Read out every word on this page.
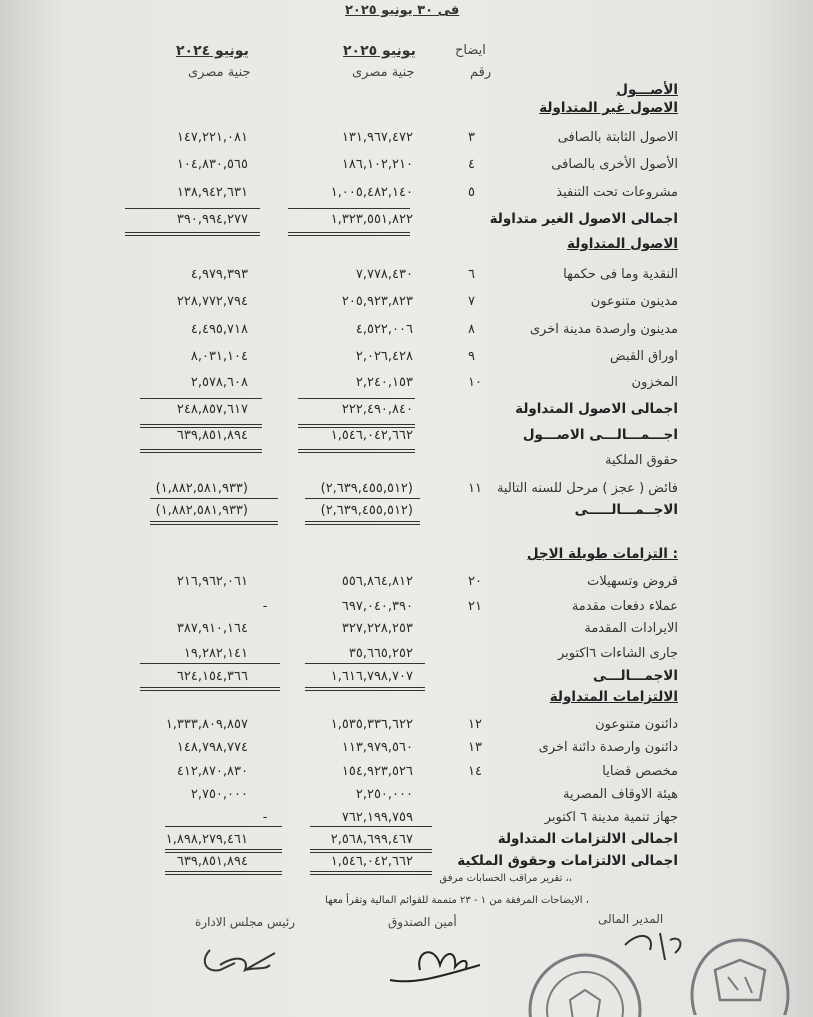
فى ٣٠ يونيو ٢٠٢٥
ايضاح
رقم
يونيو ٢٠٢٥
جنية مصرى
يونيو ٢٠٢٤
جنية مصرى
الأصـــول
الاصول غير المتداولة
الاصول الثابتة بالصافى
٣
١٣١,٩٦٧,٤٧٢
١٤٧,٢٢١,٠٨١
الأصول الأخرى بالصافى
٤
١٨٦,١٠٢,٢١٠
١٠٤,٨٣٠,٥٦٥
مشروعات تحت التنفيذ
٥
١,٠٠٥,٤٨٢,١٤٠
١٣٨,٩٤٢,٦٣١
اجمالى الاصول الغير متداولة
١,٣٢٣,٥٥١,٨٢٢
٣٩٠,٩٩٤,٢٧٧
الاصول المتداولة
النقدية وما فى حكمها
٦
٧,٧٧٨,٤٣٠
٤,٩٧٩,٣٩٣
مدينون متنوعون
٧
٢٠٥,٩٢٣,٨٢٣
٢٢٨,٧٧٢,٧٩٤
مدينون وارصدة مدينة اخرى
٨
٤,٥٢٢,٠٠٦
٤,٤٩٥,٧١٨
اوراق القبض
٩
٢,٠٢٦,٤٢٨
٨,٠٣١,١٠٤
المخزون
١٠
٢,٢٤٠,١٥٣
٢,٥٧٨,٦٠٨
اجمالى الاصول المتداولة
٢٢٢,٤٩٠,٨٤٠
٢٤٨,٨٥٧,٦١٧
اجـــمـــالـــى الاصـــول
١,٥٤٦,٠٤٢,٦٦٢
٦٣٩,٨٥١,٨٩٤
حقوق الملكية
فائض ( عجز ) مرحل للسنه التالية
١١
(٢,٦٣٩,٤٥٥,٥١٢)
(١,٨٨٢,٥٨١,٩٣٣)
الاجــمـــالـــــى
(٢,٦٣٩,٤٥٥,٥١٢)
(١,٨٨٢,٥٨١,٩٣٣)
التزامات طويلة الاجل :
قروض وتسهيلات
٢٠
٥٥٦,٨٦٤,٨١٢
٢١٦,٩٦٢,٠٦١
عملاء دفعات مقدمة
٢١
٦٩٧,٠٤٠,٣٩٠
-
الايرادات المقدمة
٣٢٧,٢٢٨,٢٥٣
٣٨٧,٩١٠,١٦٤
جارى الشاءات ٦اكتوبر
٣٥,٦٦٥,٢٥٢
١٩,٢٨٢,١٤١
الاجمـــالـــى
١,٦١٦,٧٩٨,٧٠٧
٦٢٤,١٥٤,٣٦٦
الالتزامات المتداولة
دائنون متنوعون
١٢
١,٥٣٥,٣٣٦,٦٢٢
١,٣٣٣,٨٠٩,٨٥٧
دائنون وارصدة دائنة اخرى
١٣
١١٣,٩٧٩,٥٦٠
١٤٨,٧٩٨,٧٧٤
مخصص قضايا
١٤
١٥٤,٩٢٣,٥٢٦
٤١٢,٨٧٠,٨٣٠
هيئة الاوقاف المصرية
٢,٢٥٠,٠٠٠
٢,٧٥٠,٠٠٠
جهاز تنمية مدينة ٦ اكتوبر
٧٦٢,١٩٩,٧٥٩
-
اجمالى الالتزامات المتداولة
٢,٥٦٨,٦٩٩,٤٦٧
١,٨٩٨,٢٧٩,٤٦١
اجمالى الالتزامات وحقوق الملكية
١,٥٤٦,٠٤٢,٦٦٢
٦٣٩,٨٥١,٨٩٤
تقرير مراقب الحسابات مرفق ،،
الايضاحات المرفقة من ١ - ٢٣ متممة للقوائم المالية وتقرأ معها ،
المدير المالى
أمين الصندوق
رئيس مجلس الادارة
